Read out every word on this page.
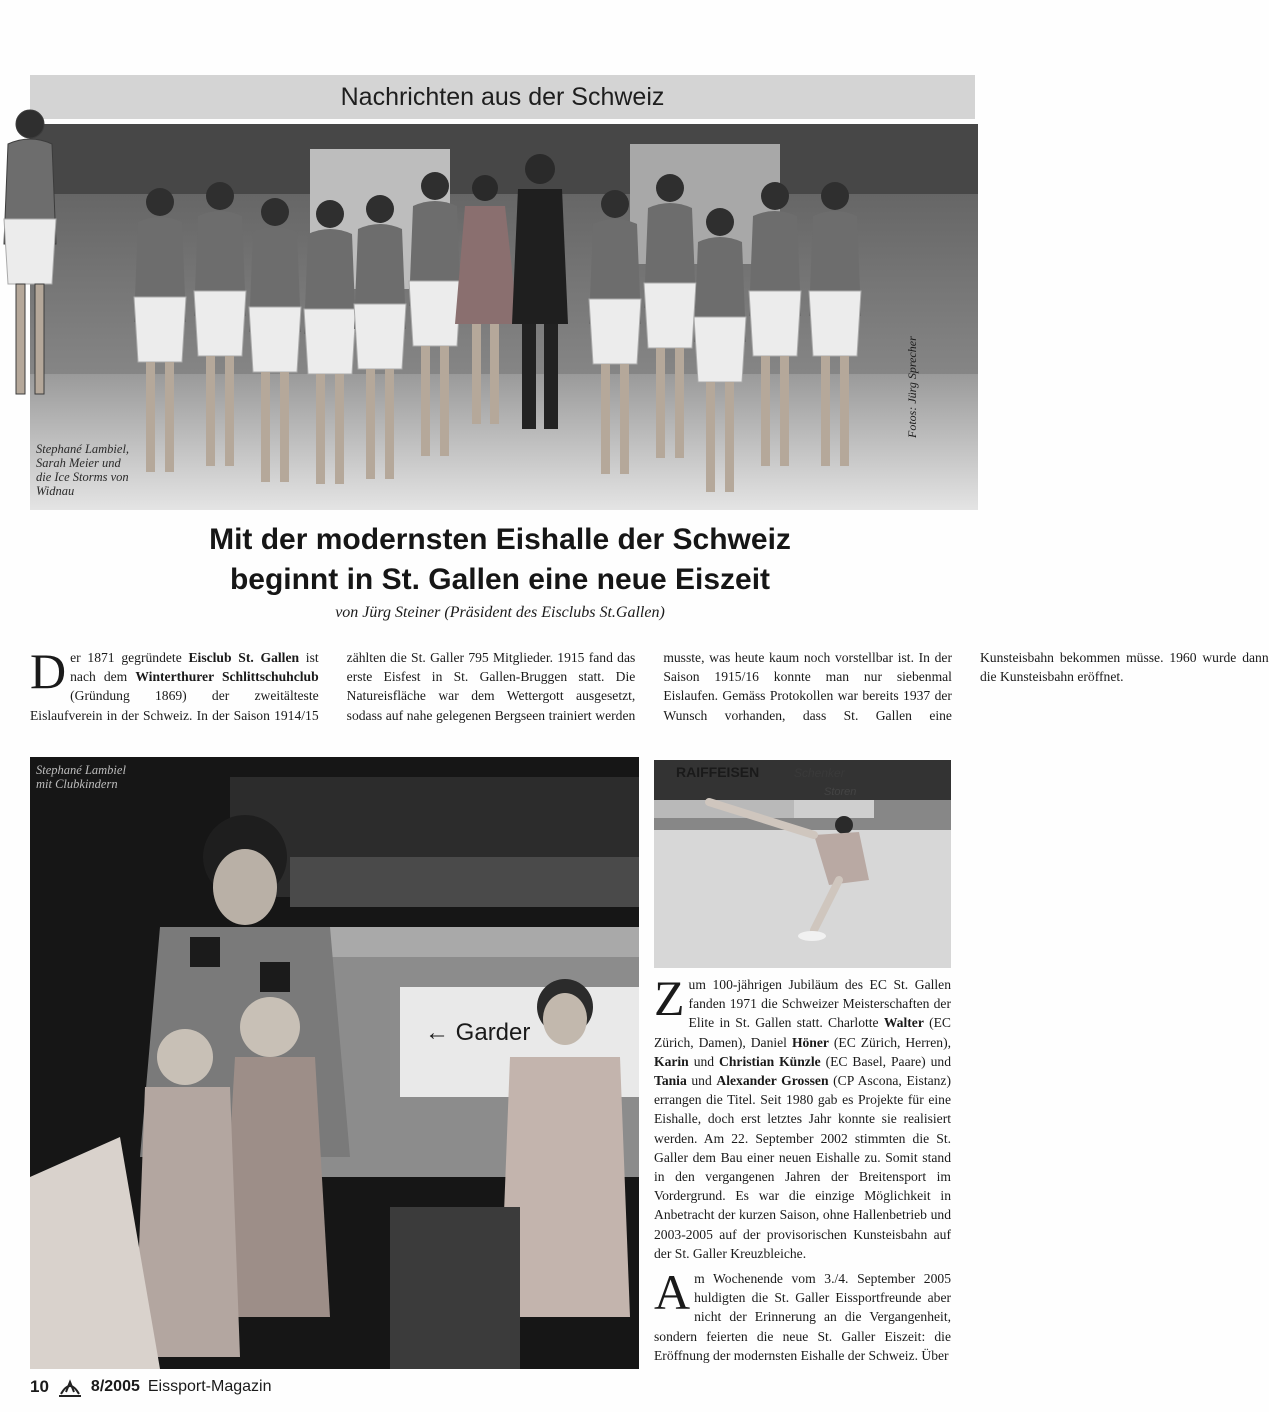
Nachrichten aus der Schweiz
Stephané Lambiel,
Sarah Meier und
die Ice Storms von
Widnau
Fotos: Jürg Sprecher
Mit der modernsten Eishalle der Schweiz
beginnt in St. Gallen eine neue Eiszeit
von Jürg Steiner (Präsident des Eisclubs St.Gallen)
Der 1871 gegründete Eisclub St. Gallen ist nach dem Winterthurer Schlittschuhclub (Gründung 1869) der zweitälteste Eislaufverein in der Schweiz. In der Saison 1914/15 zählten die St. Galler 795 Mitglieder. 1915 fand das erste Eisfest in St. Gallen-Bruggen statt. Die Natureisfläche war dem Wettergott ausgesetzt, sodass auf nahe gelegenen Bergseen trainiert werden musste, was heute kaum noch vorstellbar ist. In der Saison 1915/16 konnte man nur siebenmal Eislaufen. Gemäss Protokollen war bereits 1937 der Wunsch vorhanden, dass St. Gallen eine Kunsteisbahn bekommen müsse. 1960 wurde dann die Kunsteisbahn eröffnet.
Stephané Lambiel
mit Clubkindern
← Garder
RAIFFEISEN	Schenker
Storen
Zum 100-jährigen Jubiläum des EC St. Gallen fanden 1971 die Schweizer Meisterschaften der Elite in St. Gallen statt. Charlotte Walter (EC Zürich, Damen), Daniel Höner (EC Zürich, Herren), Karin und Christian Künzle (EC Basel, Paare) und Tania und Alexander Grossen (CP Ascona, Eistanz) errangen die Titel. Seit 1980 gab es Projekte für eine Eishalle, doch erst letztes Jahr konnte sie realisiert werden. Am 22. September 2002 stimmten die St. Galler dem Bau einer neuen Eishalle zu. Somit stand in den vergangenen Jahren der Breitensport im Vordergrund. Es war die einzige Möglichkeit in Anbetracht der kurzen Saison, ohne Hallenbetrieb und 2003-2005 auf der provisorischen Kunsteisbahn auf der St. Galler Kreuzbleiche.
Am Wochenende vom 3./4. September 2005 huldigten die St. Galler Eissportfreunde aber nicht der Erinnerung an die Vergangenheit, sondern feierten die neue St. Galler Eiszeit: die Eröffnung der modernsten Eishalle der Schweiz. Über
10	8/2005 Eissport-Magazin
